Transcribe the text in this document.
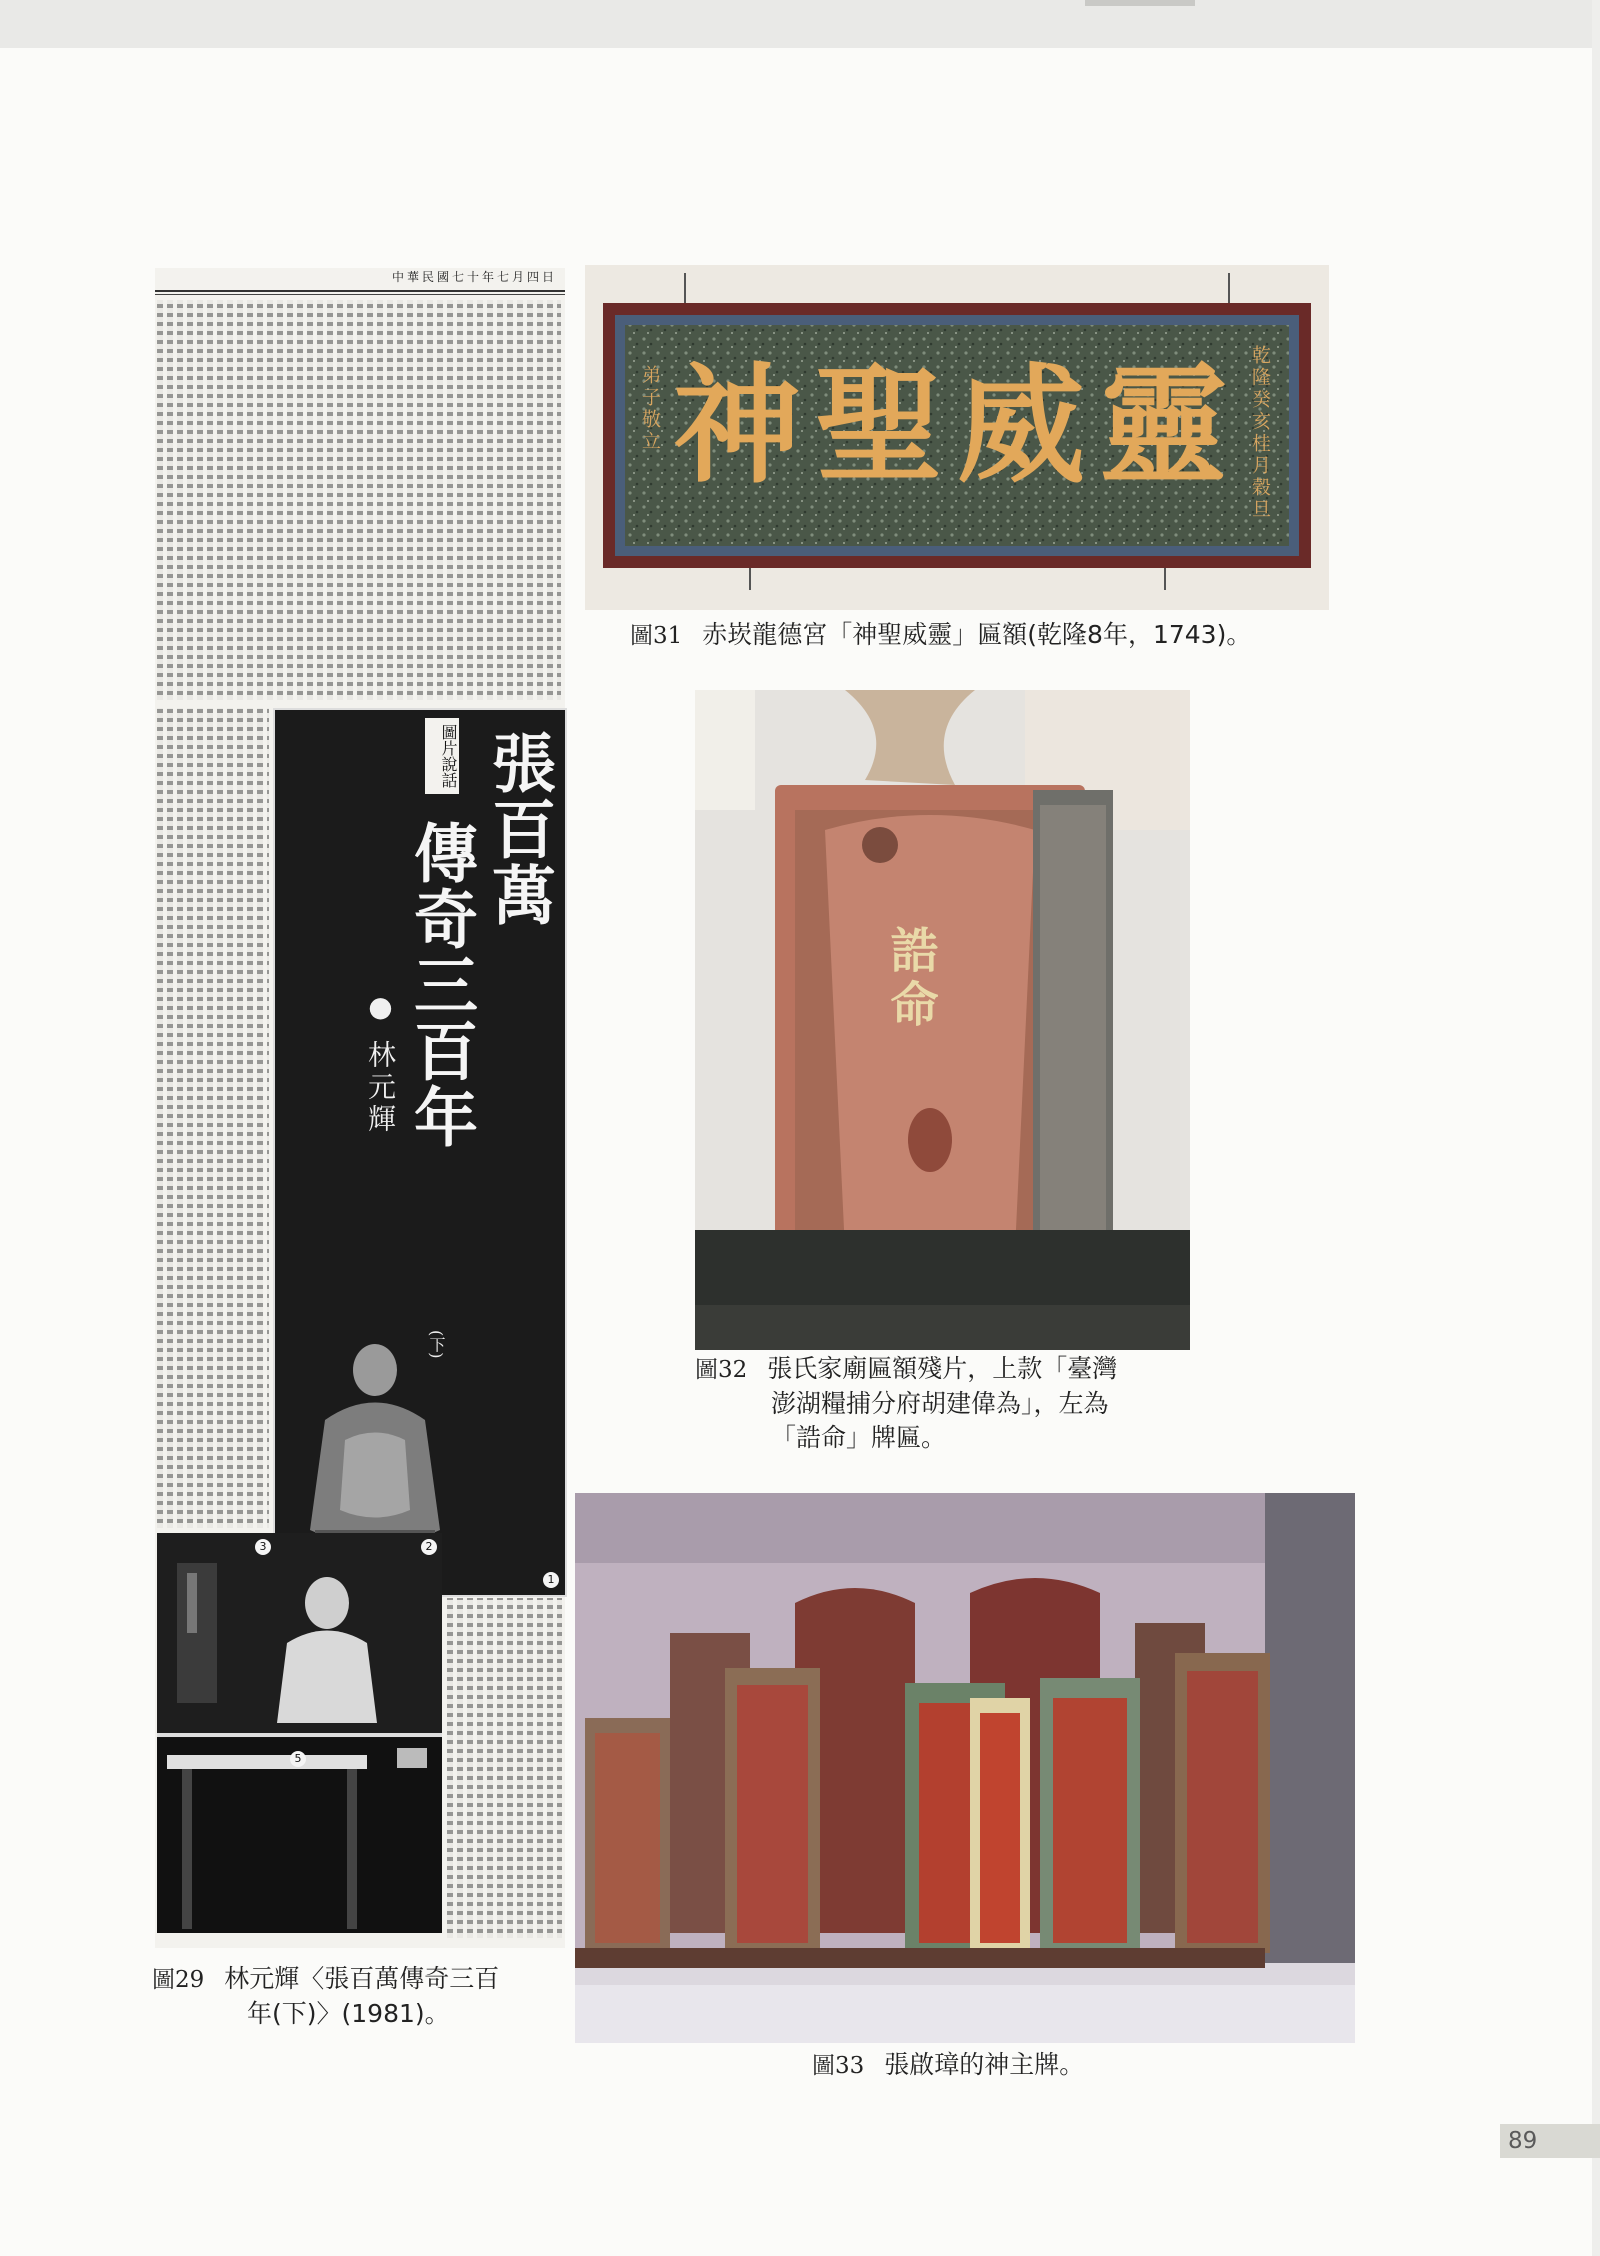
中華民國七十年七月四日
圖片說話 張百萬
傳奇三百年
● 林元輝
(下)
1
3	2
5
圖29 林元輝〈張百萬傳奇三百
年(下)〉(1981)。
神聖威靈 乾隆癸亥桂月穀旦
弟子敬立
圖31 赤崁龍德宮「神聖威靈」匾額(乾隆8年，1743)。
誥命
圖32 張氏家廟匾額殘片，上款「臺灣
澎湖糧捕分府胡建偉為」，左為
「誥命」牌匾。
圖33 張啟璋的神主牌。
89
